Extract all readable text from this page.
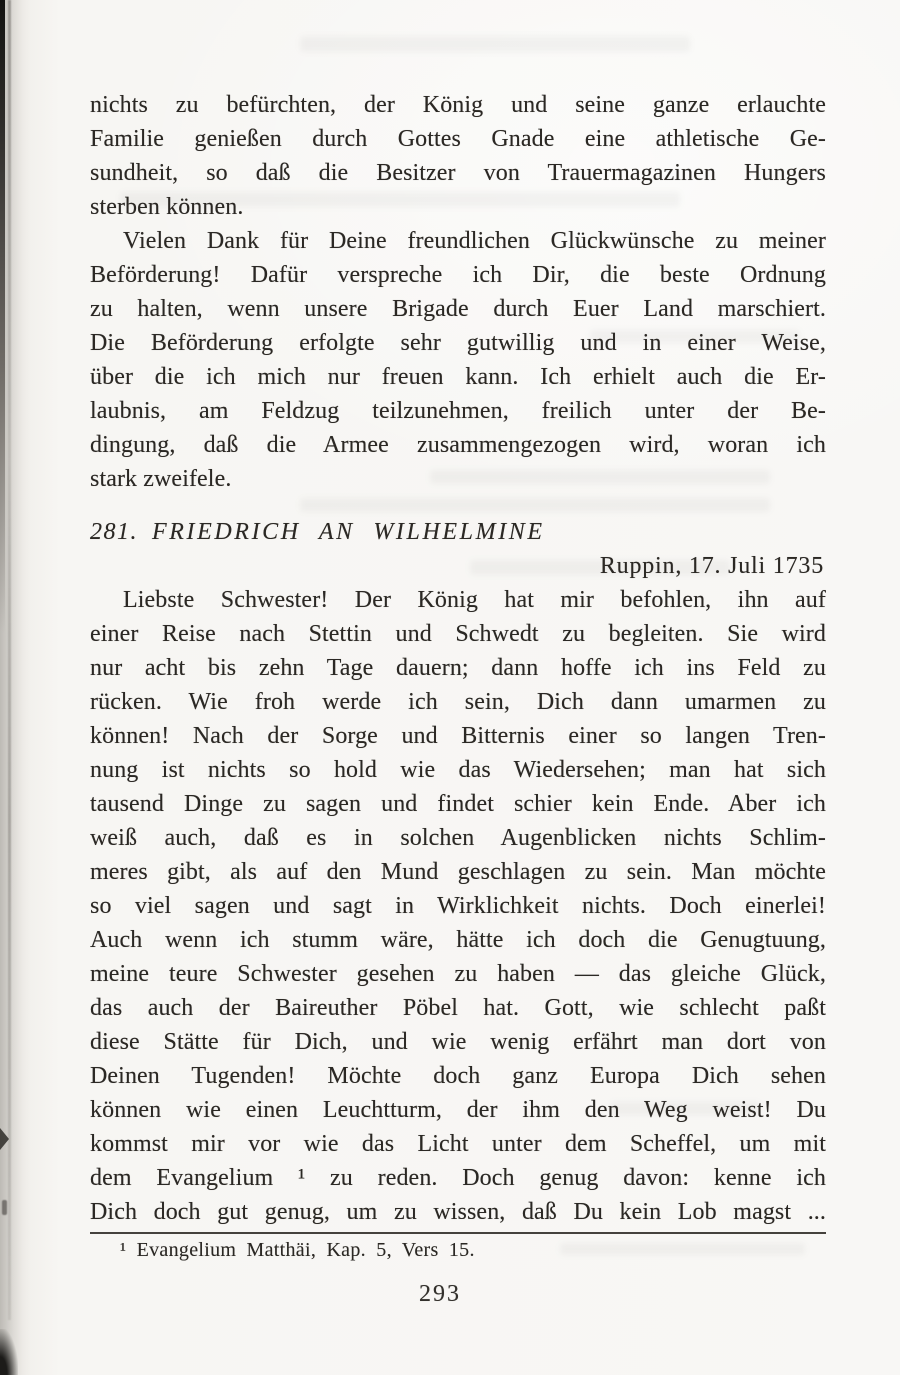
nichts zu befürchten, der König und seine ganze erlauchte
Familie genießen durch Gottes Gnade eine athletische Ge-
sundheit, so daß die Besitzer von Trauermagazinen Hungers
sterben können.
Vielen Dank für Deine freundlichen Glückwünsche zu meiner
Beförderung! Dafür verspreche ich Dir, die beste Ordnung
zu halten, wenn unsere Brigade durch Euer Land marschiert.
Die Beförderung erfolgte sehr gutwillig und in einer Weise,
über die ich mich nur freuen kann. Ich erhielt auch die Er-
laubnis, am Feldzug teilzunehmen, freilich unter der Be-
dingung, daß die Armee zusammengezogen wird, woran ich
stark zweifele.
281. FRIEDRICH AN WILHELMINE
Ruppin, 17. Juli 1735
Liebste Schwester! Der König hat mir befohlen, ihn auf
einer Reise nach Stettin und Schwedt zu begleiten. Sie wird
nur acht bis zehn Tage dauern; dann hoffe ich ins Feld zu
rücken. Wie froh werde ich sein, Dich dann umarmen zu
können! Nach der Sorge und Bitternis einer so langen Tren-
nung ist nichts so hold wie das Wiedersehen; man hat sich
tausend Dinge zu sagen und findet schier kein Ende. Aber ich
weiß auch, daß es in solchen Augenblicken nichts Schlim-
meres gibt, als auf den Mund geschlagen zu sein. Man möchte
so viel sagen und sagt in Wirklichkeit nichts. Doch einerlei!
Auch wenn ich stumm wäre, hätte ich doch die Genugtuung,
meine teure Schwester gesehen zu haben — das gleiche Glück,
das auch der Baireuther Pöbel hat. Gott, wie schlecht paßt
diese Stätte für Dich, und wie wenig erfährt man dort von
Deinen Tugenden! Möchte doch ganz Europa Dich sehen
können wie einen Leuchtturm, der ihm den Weg weist! Du
kommst mir vor wie das Licht unter dem Scheffel, um mit
dem Evangelium ¹ zu reden. Doch genug davon: kenne ich
Dich doch gut genug, um zu wissen, daß Du kein Lob magst ...
¹ Evangelium Matthäi, Kap. 5, Vers 15.
293
